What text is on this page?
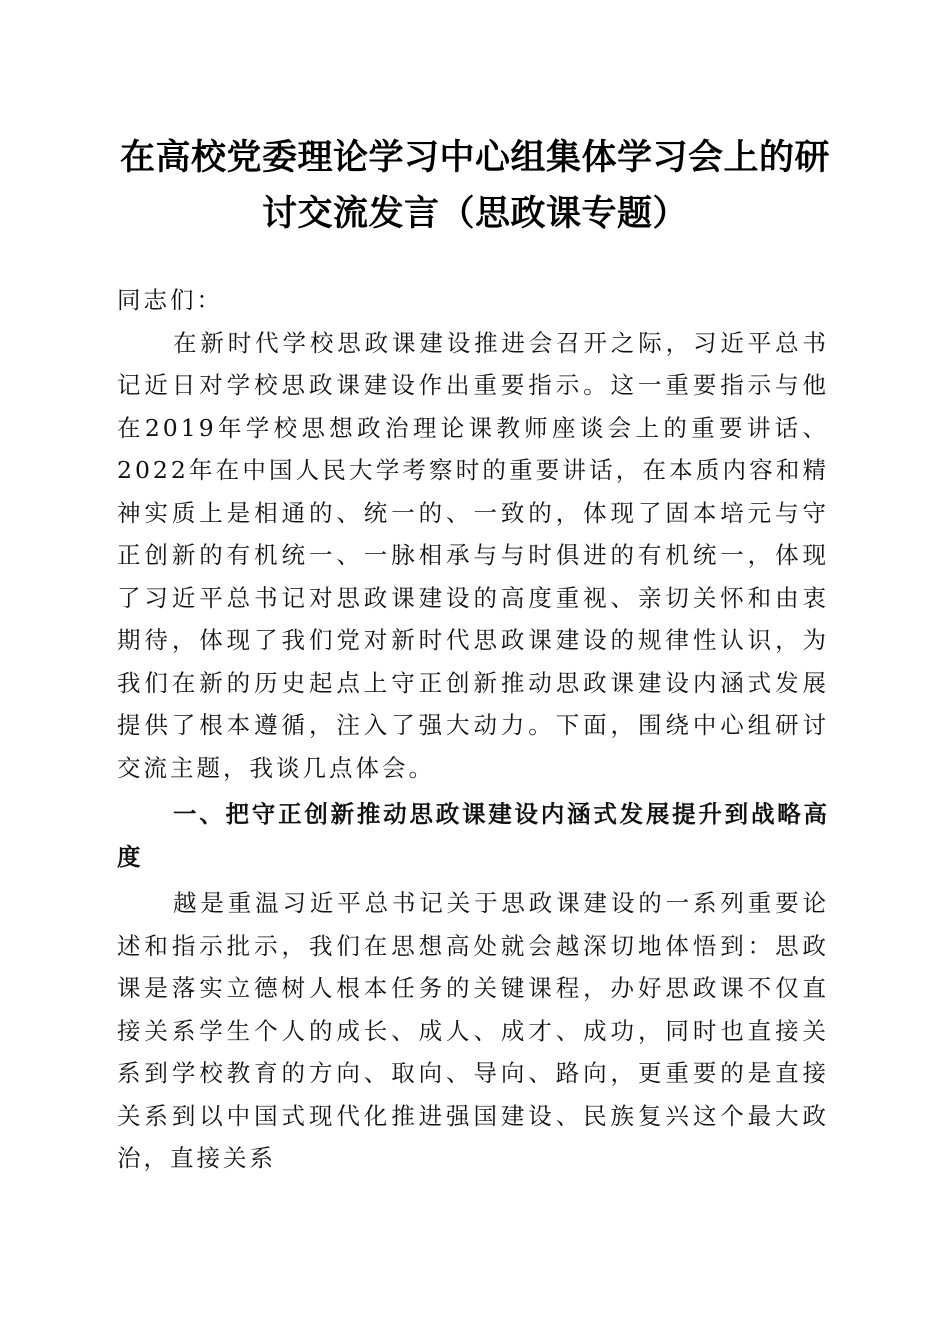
在高校党委理论学习中心组集体学习会上的研
讨交流发言（思政课专题）

同志们：

在新时代学校思政课建设推进会召开之际，习近平总书记近日对学校思政课建设作出重要指示。这一重要指示与他在2019年学校思想政治理论课教师座谈会上的重要讲话、2022年在中国人民大学考察时的重要讲话，在本质内容和精神实质上是相通的、统一的、一致的，体现了固本培元与守正创新的有机统一、一脉相承与与时俱进的有机统一，体现了习近平总书记对思政课建设的高度重视、亲切关怀和由衷期待，体现了我们党对新时代思政课建设的规律性认识，为我们在新的历史起点上守正创新推动思政课建设内涵式发展提供了根本遵循，注入了强大动力。下面，围绕中心组研讨交流主题，我谈几点体会。

一、把守正创新推动思政课建设内涵式发展提升到战略高度

越是重温习近平总书记关于思政课建设的一系列重要论述和指示批示，我们在思想高处就会越深切地体悟到：思政课是落实立德树人根本任务的关键课程，办好思政课不仅直接关系学生个人的成长、成人、成才、成功，同时也直接关系到学校教育的方向、取向、导向、路向，更重要的是直接关系到以中国式现代化推进强国建设、民族复兴这个最大政治，直接关系
